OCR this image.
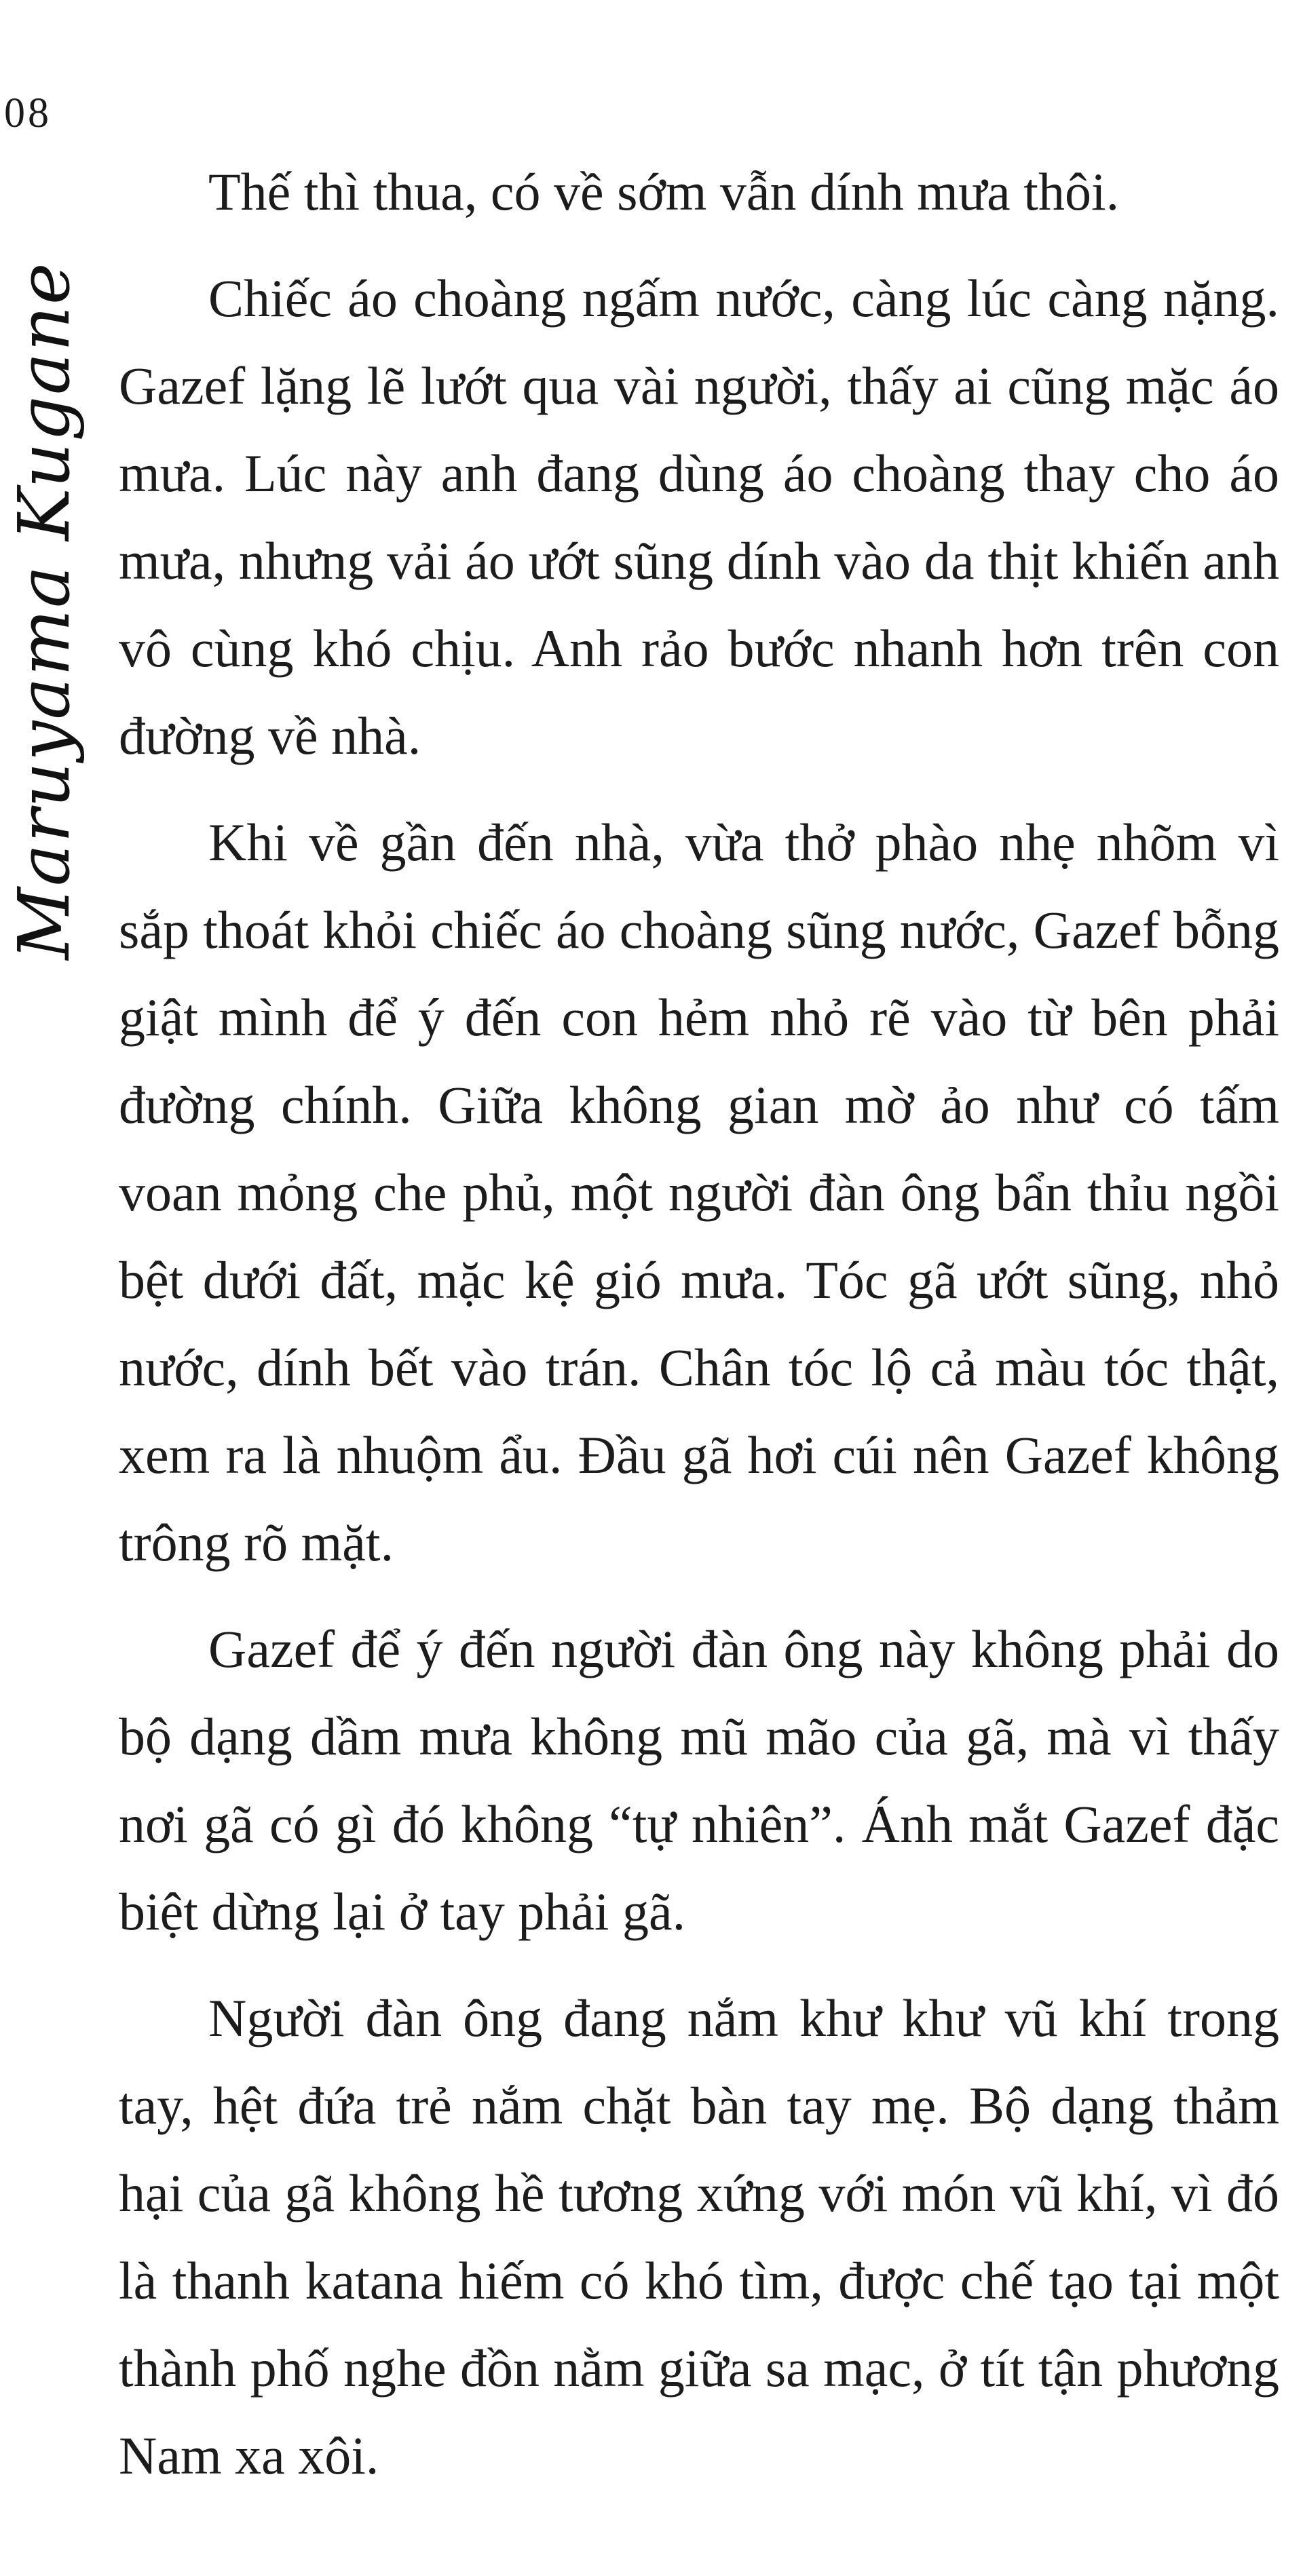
08
Maruyama Kugane

Thế thì thua, có về sớm vẫn dính mưa thôi.

Chiếc áo choàng ngấm nước, càng lúc càng nặng. Gazef lặng lẽ lướt qua vài người, thấy ai cũng mặc áo mưa. Lúc này anh đang dùng áo choàng thay cho áo mưa, nhưng vải áo ướt sũng dính vào da thịt khiến anh vô cùng khó chịu. Anh rảo bước nhanh hơn trên con đường về nhà.

Khi về gần đến nhà, vừa thở phào nhẹ nhõm vì sắp thoát khỏi chiếc áo choàng sũng nước, Gazef bỗng giật mình để ý đến con hẻm nhỏ rẽ vào từ bên phải đường chính. Giữa không gian mờ ảo như có tấm voan mỏng che phủ, một người đàn ông bẩn thỉu ngồi bệt dưới đất, mặc kệ gió mưa. Tóc gã ướt sũng, nhỏ nước, dính bết vào trán. Chân tóc lộ cả màu tóc thật, xem ra là nhuộm ẩu. Đầu gã hơi cúi nên Gazef không trông rõ mặt.

Gazef để ý đến người đàn ông này không phải do bộ dạng dầm mưa không mũ mão của gã, mà vì thấy nơi gã có gì đó không “tự nhiên”. Ánh mắt Gazef đặc biệt dừng lại ở tay phải gã.

Người đàn ông đang nắm khư khư vũ khí trong tay, hệt đứa trẻ nắm chặt bàn tay mẹ. Bộ dạng thảm hại của gã không hề tương xứng với món vũ khí, vì đó là thanh katana hiếm có khó tìm, được chế tạo tại một thành phố nghe đồn nằm giữa sa mạc, ở tít tận phương Nam xa xôi.
